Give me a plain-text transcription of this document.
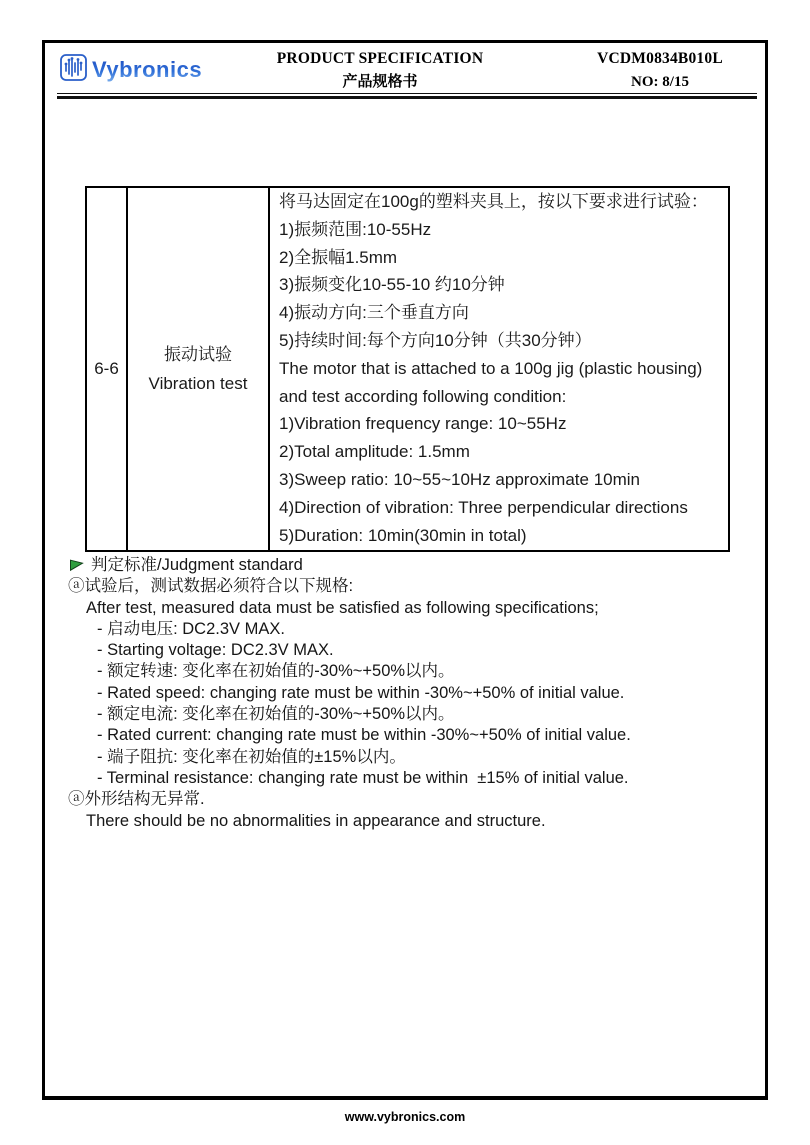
Vybronics	PRODUCT SPECIFICATION
产品规格书
VCDM0834B010L
NO: 8/15
6-6
振动试验
Vibration test
将马达固定在100g的塑料夹具上，按以下要求进行试验：
1)振频范围:10-55Hz
2)全振幅1.5mm
3)振频变化10-55-10 约10分钟
4)振动方向:三个垂直方向
5)持续时间:每个方向10分钟（共30分钟）
The motor that is attached to a 100g jig (plastic housing)
and test according following condition:
1)Vibration frequency range: 10~55Hz
2)Total amplitude: 1.5mm
3)Sweep ratio: 10~55~10Hz approximate 10min
4)Direction of vibration: Three perpendicular directions
5)Duration: 10min(30min in total)
判定标准/Judgment standard
ⓐ试验后，测试数据必须符合以下规格:
After test, measured data must be satisfied as following specifications;
- 启动电压: DC2.3V MAX.
- Starting voltage: DC2.3V MAX.
- 额定转速: 变化率在初始值的-30%~+50%以内。
- Rated speed: changing rate must be within -30%~+50% of initial value.
- 额定电流: 变化率在初始值的-30%~+50%以内。
- Rated current: changing rate must be within -30%~+50% of initial value.
- 端子阻抗: 变化率在初始值的±15%以内。
- Terminal resistance: changing rate must be within  ±15% of initial value.
ⓐ外形结构无异常.
There should be no abnormalities in appearance and structure.
www.vybronics.com
